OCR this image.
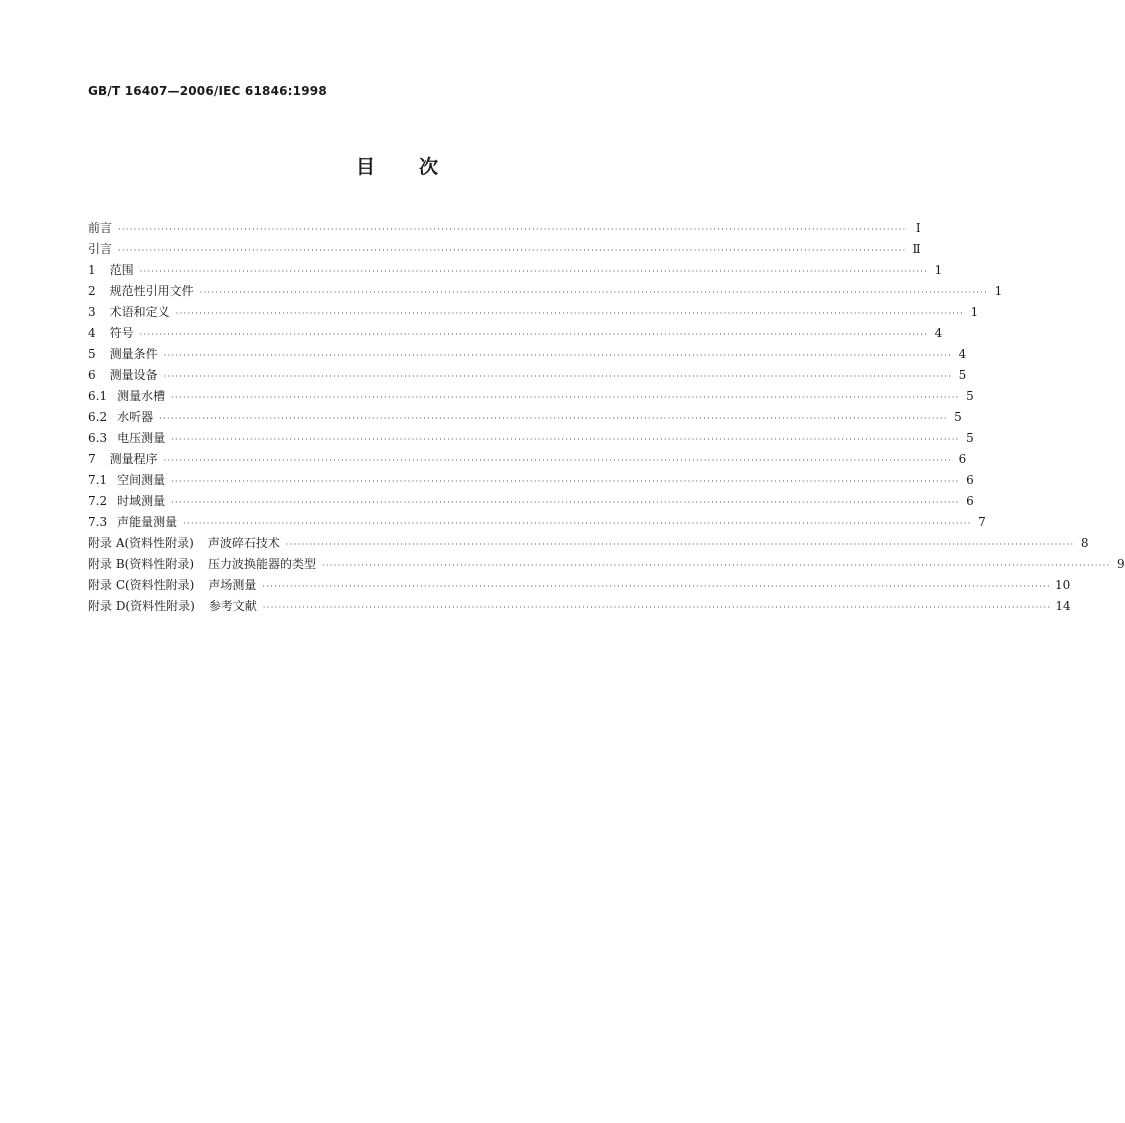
GB/T 16407—2006/IEC 61846:1998
目 次
前言 ········································································································································································································ Ⅰ
引言 ········································································································································································································ Ⅱ
1 范围 ········································································································································································································ 1
2 规范性引用文件 ········································································································································································································ 1
3 术语和定义 ········································································································································································································ 1
4 符号 ········································································································································································································ 4
5 测量条件 ········································································································································································································ 4
6 测量设备 ········································································································································································································ 5
6.1 测量水槽 ········································································································································································································ 5
6.2 水听器 ········································································································································································································ 5
6.3 电压测量 ········································································································································································································ 5
7 测量程序 ········································································································································································································ 6
7.1 空间测量 ········································································································································································································ 6
7.2 时域测量 ········································································································································································································ 6
7.3 声能量测量 ········································································································································································································ 7
附录 A(资料性附录) 声波碎石技术 ········································································································································································································ 8
附录 B(资料性附录) 压力波换能器的类型 ········································································································································································································ 9
附录 C(资料性附录) 声场测量 ········································································································································································································ 10
附录 D(资料性附录) 参考文献 ········································································································································································································ 14
